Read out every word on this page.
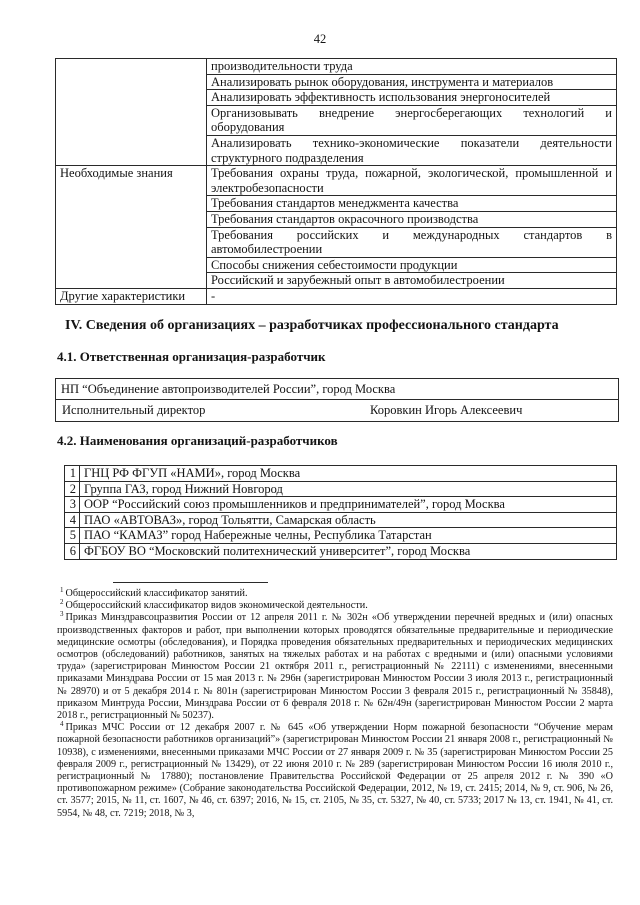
42
	производительности труда
	Анализировать рынок оборудования, инструмента и материалов
	Анализировать эффективность использования энергоносителей
	Организовывать внедрение энергосберегающих технологий и оборудования
	Анализировать технико-экономические показатели деятельности структурного подразделения
Необходимые знания	Требования охраны труда, пожарной, экологической, промышленной и электробезопасности
	Требования стандартов менеджмента качества
	Требования стандартов окрасочного производства
	Требования российских и международных стандартов в автомобилестроении
	Способы снижения себестоимости продукции
	Российский и зарубежный опыт в автомобилестроении
Другие характеристики	-
IV. Сведения об организациях – разработчиках профессионального стандарта
4.1. Ответственная организация-разработчик
НП “Объединение автопроизводителей России”, город Москва
Исполнительный директор	Коровкин Игорь Алексеевич
4.2. Наименования организаций-разработчиков
1	ГНЦ РФ ФГУП «НАМИ», город Москва
2	Группа ГАЗ, город Нижний Новгород
3	ООР “Российский союз промышленников и предпринимателей”, город Москва
4	ПАО «АВТОВАЗ», город Тольятти, Самарская область
5	ПАО “КАМАЗ” город Набережные челны, Республика Татарстан
6	ФГБОУ ВО “Московский политехнический университет”, город Москва

$^1$ Общероссийский классификатор занятий.

$^2$ Общероссийский классификатор видов экономической деятельности.

$^3$ Приказ Минздравсоцразвития России от 12 апреля 2011 г. № 302н «Об утверждении перечней вредных и (или) опасных производственных факторов и работ, при выполнении которых проводятся обязательные предварительные и периодические медицинские осмотры (обследования), и Порядка проведения обязательных предварительных и периодических медицинских осмотров (обследований) работников, занятых на тяжелых работах и на работах с вредными и (или) опасными условиями труда» (зарегистрирован Минюстом России 21 октября 2011 г., регистрационный № 22111) с изменениями, внесенными приказами Минздрава России от 15 мая 2013 г. № 296н (зарегистрирован Минюстом России 3 июля 2013 г., регистрационный № 28970) и от 5 декабря 2014 г. № 801н (зарегистрирован Минюстом России 3 февраля 2015 г., регистрационный № 35848), приказом Минтруда России, Минздрава России от 6 февраля 2018 г. № 62н/49н (зарегистрирован Минюстом России 2 марта 2018 г., регистрационный № 50237).

$^4$ Приказ МЧС России от 12 декабря 2007 г. № 645 «Об утверждении Норм пожарной безопасности “Обучение мерам пожарной безопасности работников организаций”» (зарегистрирован Минюстом России 21 января 2008 г., регистрационный № 10938), с изменениями, внесенными приказами МЧС России от 27 января 2009 г. № 35 (зарегистрирован Минюстом России 25 февраля 2009 г., регистрационный № 13429), от 22 июня 2010 г. № 289 (зарегистрирован Минюстом России 16 июля 2010 г., регистрационный № 17880); постановление Правительства Российской Федерации от 25 апреля 2012 г. № 390 «О противопожарном режиме» (Собрание законодательства Российской Федерации, 2012, № 19, ст. 2415; 2014, № 9, ст. 906, № 26, ст. 3577; 2015, № 11, ст. 1607, № 46, ст. 6397; 2016, № 15, ст. 2105, № 35, ст. 5327, № 40, ст. 5733; 2017 № 13, ст. 1941, № 41, ст. 5954, № 48, ст. 7219; 2018, № 3,
